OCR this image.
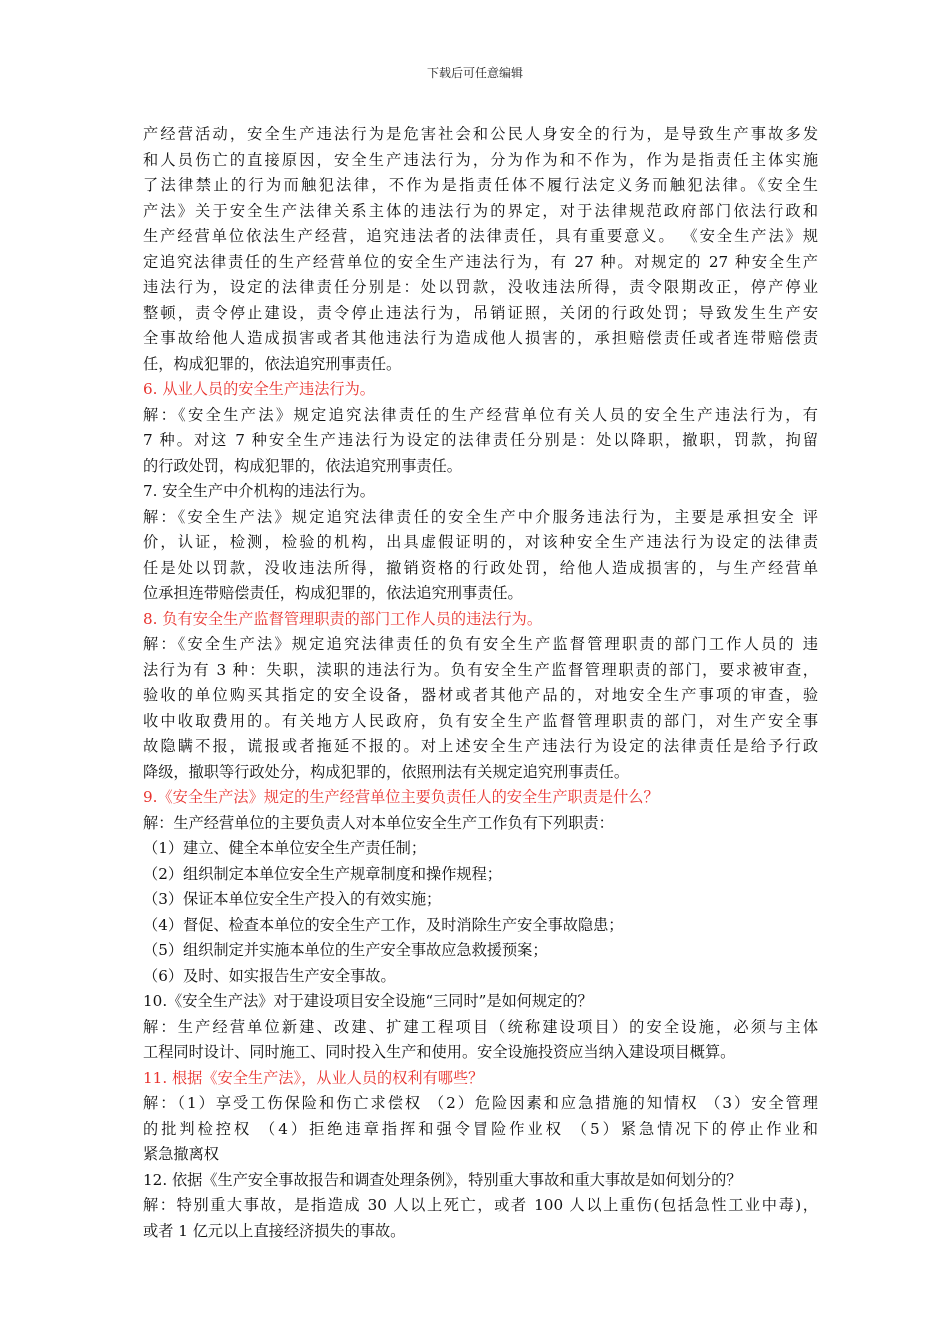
下载后可任意编辑
产经营活动，安全生产违法行为是危害社会和公民人身安全的行为，是导致生产事故多发
和人员伤亡的直接原因，安全生产违法行为，分为作为和不作为，作为是指责任主体实施
了法律禁止的行为而触犯法律，不作为是指责任体不履行法定义务而触犯法律。《安全生
产法》关于安全生产法律关系主体的违法行为的界定，对于法律规范政府部门依法行政和
生产经营单位依法生产经营，追究违法者的法律责任，具有重要意义。 《安全生产法》规
定追究法律责任的生产经营单位的安全生产违法行为，有 27 种。对规定的 27 种安全生产
违法行为，设定的法律责任分别是：处以罚款，没收违法所得，责令限期改正，停产停业
整顿，责令停止建设，责令停止违法行为，吊销证照，关闭的行政处罚；导致发生生产安
全事故给他人造成损害或者其他违法行为造成他人损害的，承担赔偿责任或者连带赔偿责
任，构成犯罪的，依法追究刑事责任。
6. 从业人员的安全生产违法行为。
解：《安全生产法》规定追究法律责任的生产经营单位有关人员的安全生产违法行为，有
7 种。对这 7 种安全生产违法行为设定的法律责任分别是：处以降职，撤职，罚款，拘留
的行政处罚，构成犯罪的，依法追究刑事责任。
7. 安全生产中介机构的违法行为。
解：《安全生产法》规定追究法律责任的安全生产中介服务违法行为，主要是承担安全 评
价，认证，检测，检验的机构，出具虚假证明的，对该种安全生产违法行为设定的法律责
任是处以罚款，没收违法所得，撤销资格的行政处罚，给他人造成损害的，与生产经营单
位承担连带赔偿责任，构成犯罪的，依法追究刑事责任。
8. 负有安全生产监督管理职责的部门工作人员的违法行为。
解：《安全生产法》规定追究法律责任的负有安全生产监督管理职责的部门工作人员的 违
法行为有 3 种：失职，渎职的违法行为。负有安全生产监督管理职责的部门，要求被审查，
验收的单位购买其指定的安全设备，器材或者其他产品的，对地安全生产事项的审查，验
收中收取费用的。有关地方人民政府，负有安全生产监督管理职责的部门，对生产安全事
故隐瞒不报，谎报或者拖延不报的。对上述安全生产违法行为设定的法律责任是给予行政
降级，撤职等行政处分，构成犯罪的，依照刑法有关规定追究刑事责任。
9.《安全生产法》规定的生产经营单位主要负责任人的安全生产职责是什么？
解：生产经营单位的主要负责人对本单位安全生产工作负有下列职责：
（1）建立、健全本单位安全生产责任制；
（2）组织制定本单位安全生产规章制度和操作规程；
（3）保证本单位安全生产投入的有效实施；
（4）督促、检查本单位的安全生产工作，及时消除生产安全事故隐患；
（5）组织制定并实施本单位的生产安全事故应急救援预案；
（6）及时、如实报告生产安全事故。
10.《安全生产法》对于建设项目安全设施“三同时”是如何规定的？
解：生产经营单位新建、改建、扩建工程项目（统称建设项目）的安全设施，必须与主体
工程同时设计、同时施工、同时投入生产和使用。安全设施投资应当纳入建设项目概算。
11. 根据《安全生产法》，从业人员的权利有哪些？
解：（1）享受工伤保险和伤亡求偿权 （2）危险因素和应急措施的知情权 （3）安全管理
的批判检控权 （4）拒绝违章指挥和强令冒险作业权 （5）紧急情况下的停止作业和
紧急撤离权
12. 依据《生产安全事故报告和调查处理条例》，特别重大事故和重大事故是如何划分的？
解：特别重大事故，是指造成 30 人以上死亡，或者 100 人以上重伤(包括急性工业中毒)，
或者 1 亿元以上直接经济损失的事故。
